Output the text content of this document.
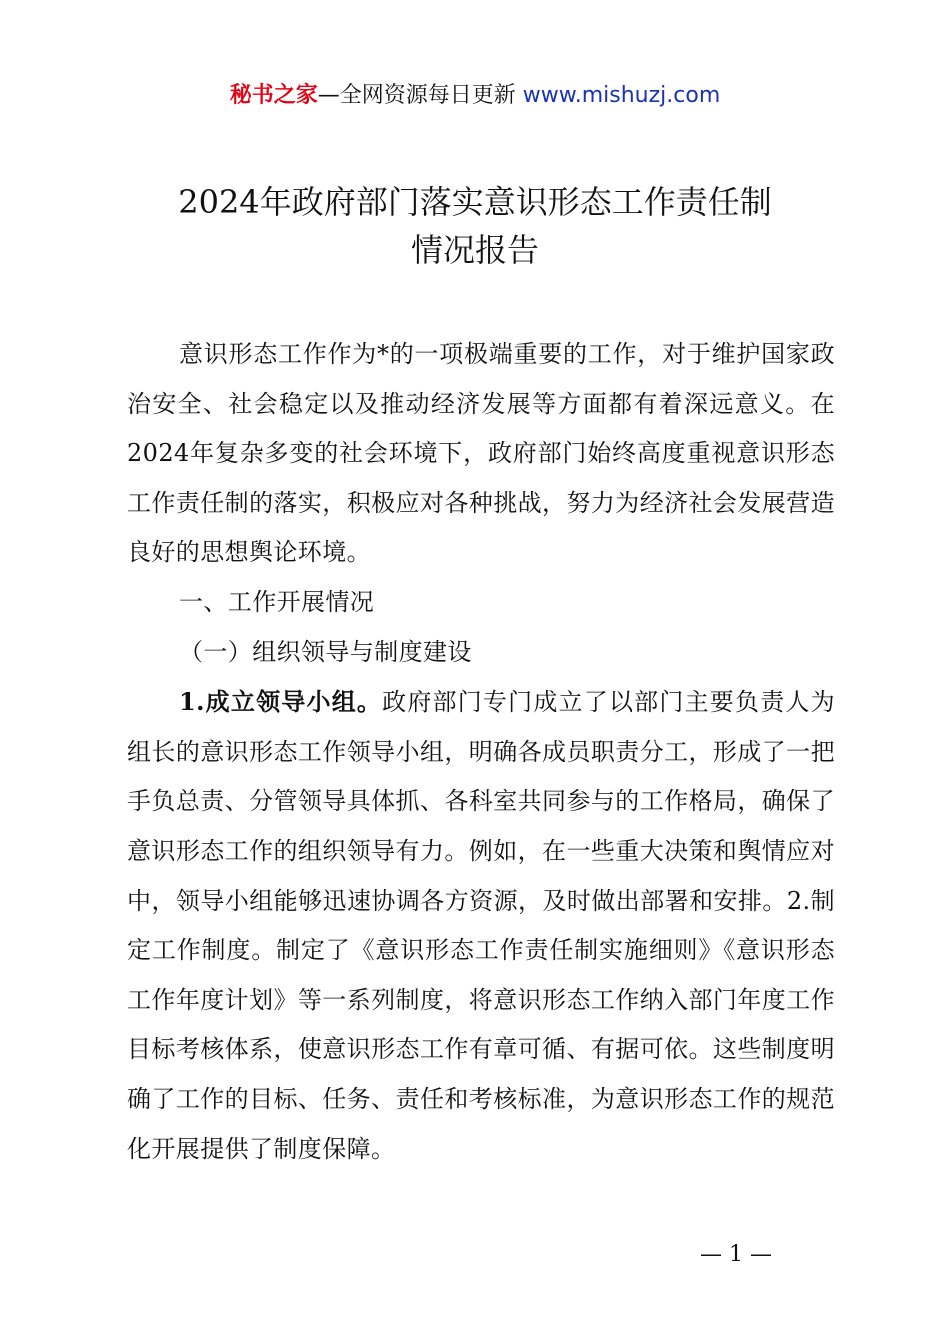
秘书之家—全网资源每日更新 www.mishuzj.com
2024年政府部门落实意识形态工作责任制
情况报告

意识形态工作作为*的一项极端重要的工作，对于维护国家政治安全、社会稳定以及推动经济发展等方面都有着深远意义。在2024年复杂多变的社会环境下，政府部门始终高度重视意识形态工作责任制的落实，积极应对各种挑战，努力为经济社会发展营造良好的思想舆论环境。

一、工作开展情况

（一）组织领导与制度建设

1.成立领导小组。政府部门专门成立了以部门主要负责人为组长的意识形态工作领导小组，明确各成员职责分工，形成了一把手负总责、分管领导具体抓、各科室共同参与的工作格局，确保了意识形态工作的组织领导有力。例如，在一些重大决策和舆情应对中，领导小组能够迅速协调各方资源，及时做出部署和安排。2.制定工作制度。制定了《意识形态工作责任制实施细则》《意识形态工作年度计划》等一系列制度，将意识形态工作纳入部门年度工作目标考核体系，使意识形态工作有章可循、有据可依。这些制度明确了工作的目标、任务、责任和考核标准，为意识形态工作的规范化开展提供了制度保障。

— 1 —
